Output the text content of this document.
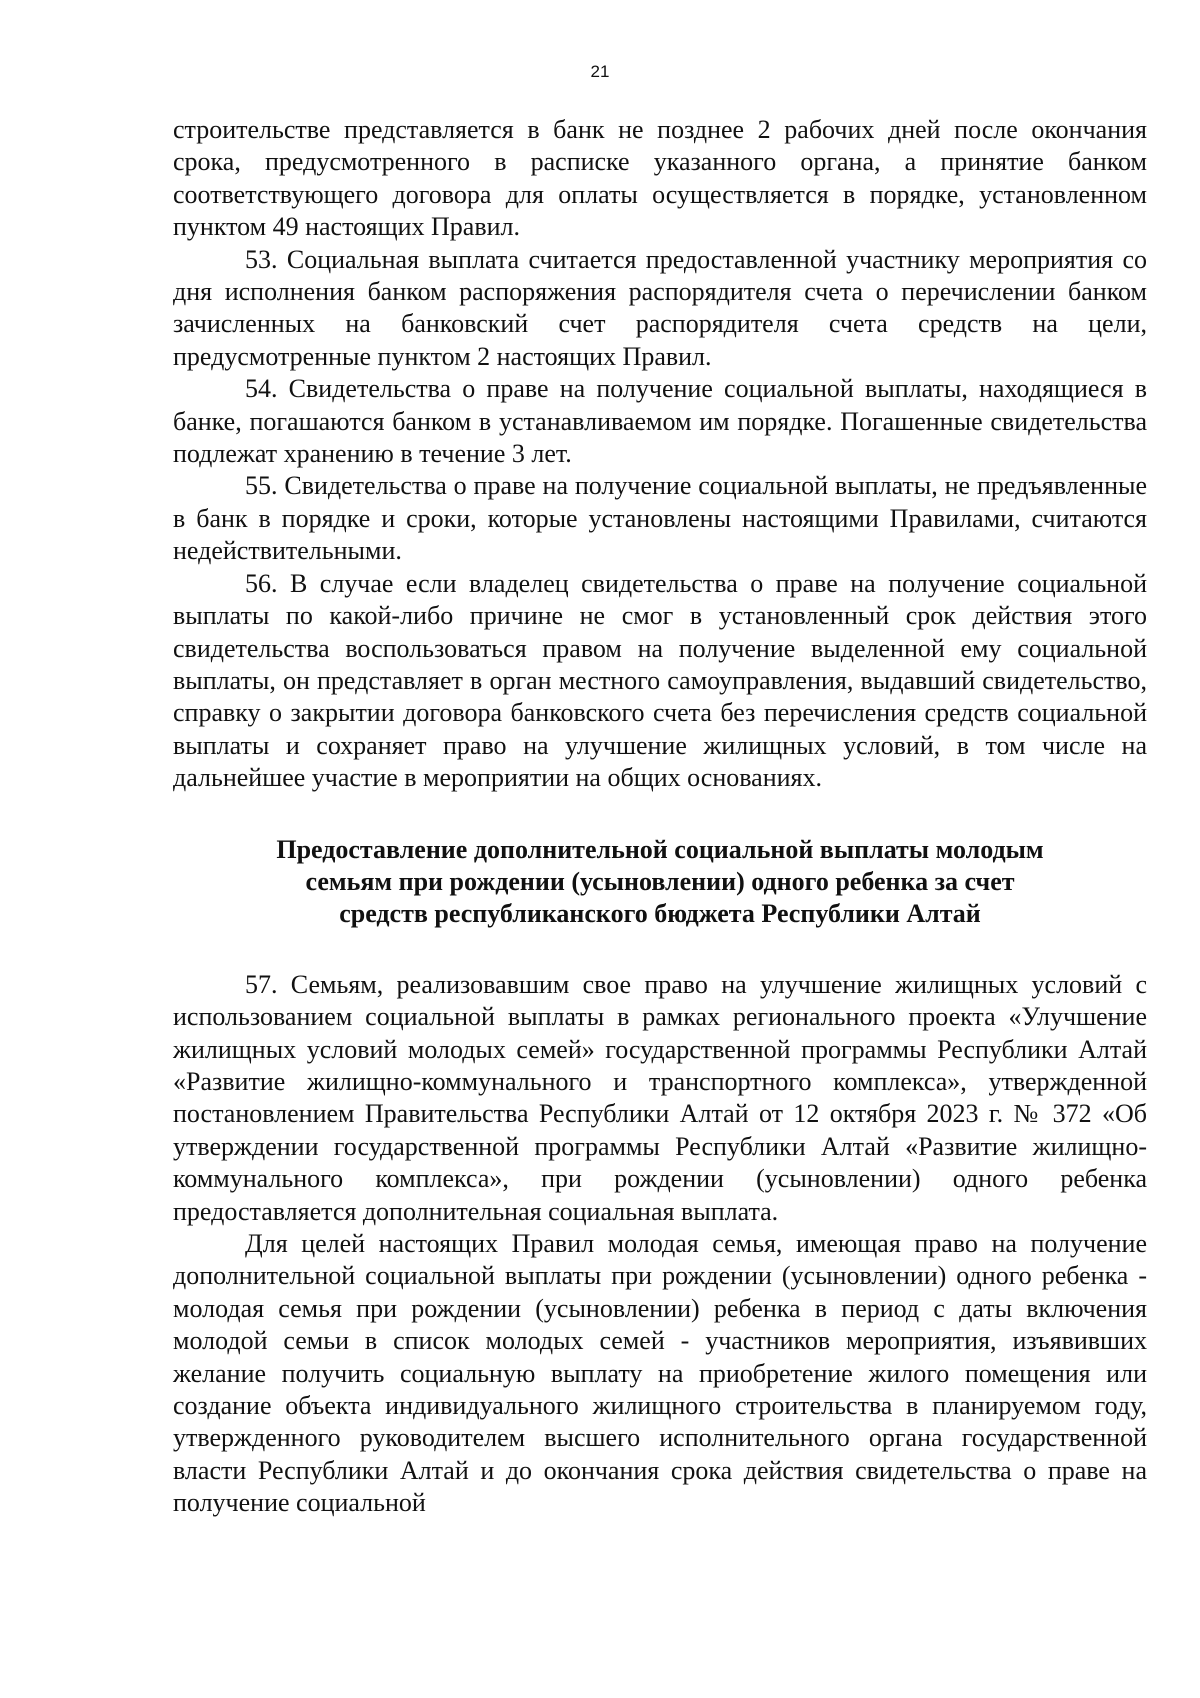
21

строительстве представляется в банк не позднее 2 рабочих дней после окончания срока, предусмотренного в расписке указанного органа, а принятие банком соответствующего договора для оплаты осуществляется в порядке, установленном пунктом 49 настоящих Правил.

53. Социальная выплата считается предоставленной участнику мероприятия со дня исполнения банком распоряжения распорядителя счета о перечислении банком зачисленных на банковский счет распорядителя счета средств на цели, предусмотренные пунктом 2 настоящих Правил.

54. Свидетельства о праве на получение социальной выплаты, находящиеся в банке, погашаются банком в устанавливаемом им порядке. Погашенные свидетельства подлежат хранению в течение 3 лет.

55. Свидетельства о праве на получение социальной выплаты, не предъявленные в банк в порядке и сроки, которые установлены настоящими Правилами, считаются недействительными.

56. В случае если владелец свидетельства о праве на получение социальной выплаты по какой-либо причине не смог в установленный срок действия этого свидетельства воспользоваться правом на получение выделенной ему социальной выплаты, он представляет в орган местного самоуправления, выдавший свидетельство, справку о закрытии договора банковского счета без перечисления средств социальной выплаты и сохраняет право на улучшение жилищных условий, в том числе на дальнейшее участие в мероприятии на общих основаниях.

Предоставление дополнительной социальной выплаты молодым
семьям при рождении (усыновлении) одного ребенка за счет
средств республиканского бюджета Республики Алтай

57. Семьям, реализовавшим свое право на улучшение жилищных условий с использованием социальной выплаты в рамках регионального проекта «Улучшение жилищных условий молодых семей» государственной программы Республики Алтай «Развитие жилищно-коммунального и транспортного комплекса», утвержденной постановлением Правительства Республики Алтай от 12 октября 2023 г. № 372 «Об утверждении государственной программы Республики Алтай «Развитие жилищно-коммунального комплекса», при рождении (усыновлении) одного ребенка предоставляется дополнительная социальная выплата.

Для целей настоящих Правил молодая семья, имеющая право на получение дополнительной социальной выплаты при рождении (усыновлении) одного ребенка - молодая семья при рождении (усыновлении) ребенка в период с даты включения молодой семьи в список молодых семей - участников мероприятия, изъявивших желание получить социальную выплату на приобретение жилого помещения или создание объекта индивидуального жилищного строительства в планируемом году, утвержденного руководителем высшего исполнительного органа государственной власти Республики Алтай и до окончания срока действия свидетельства о праве на получение социальной
